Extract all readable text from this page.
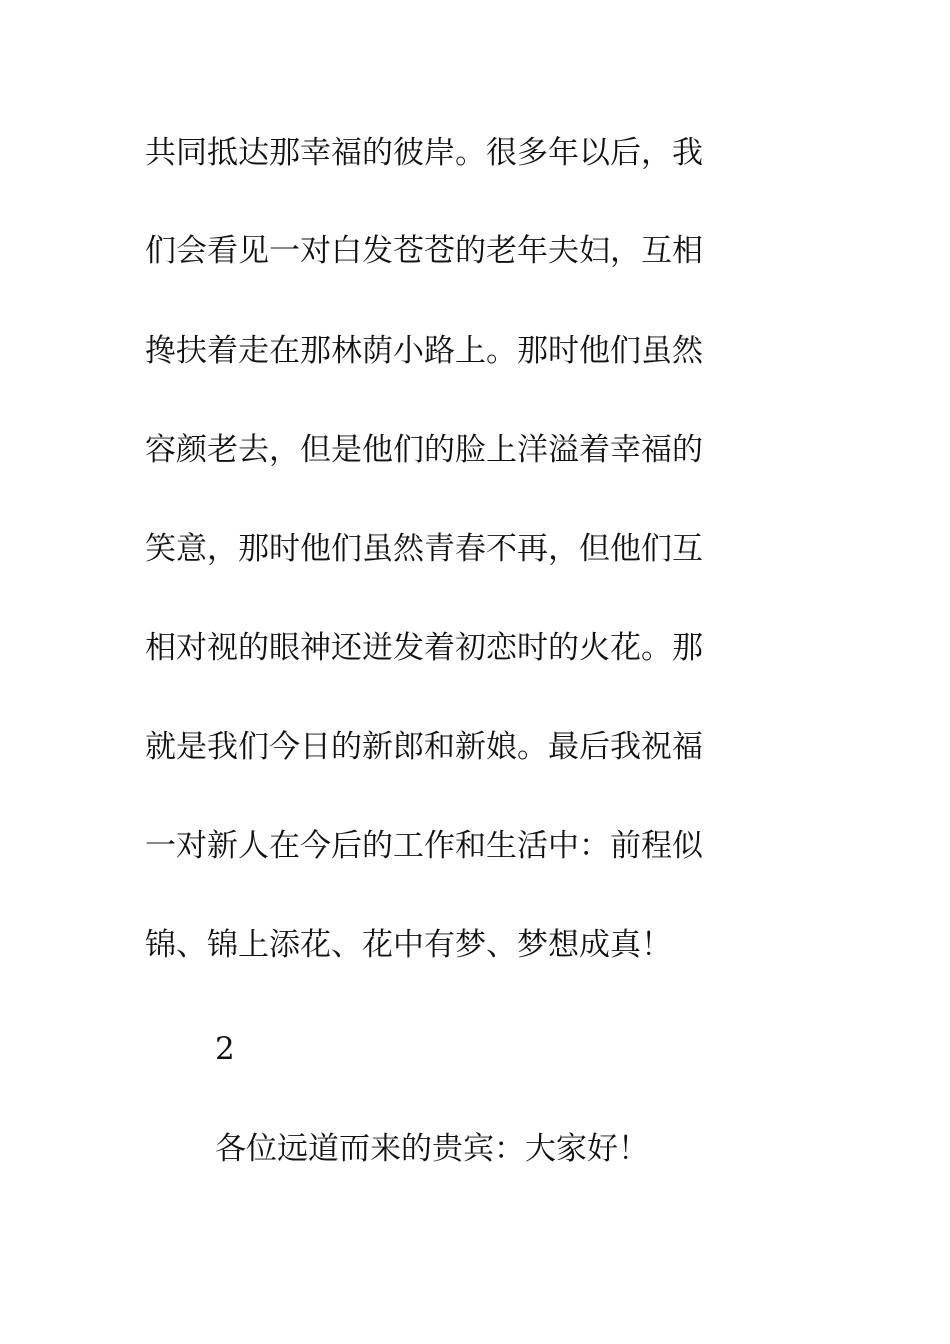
共同抵达那幸福的彼岸。很多年以后，我
们会看见一对白发苍苍的老年夫妇，互相
搀扶着走在那林荫小路上。那时他们虽然
容颜老去，但是他们的脸上洋溢着幸福的
笑意，那时他们虽然青春不再，但他们互
相对视的眼神还迸发着初恋时的火花。那
就是我们今日的新郎和新娘。最后我祝福
一对新人在今后的工作和生活中：前程似
锦、锦上添花、花中有梦、梦想成真！
2
各位远道而来的贵宾：大家好！
